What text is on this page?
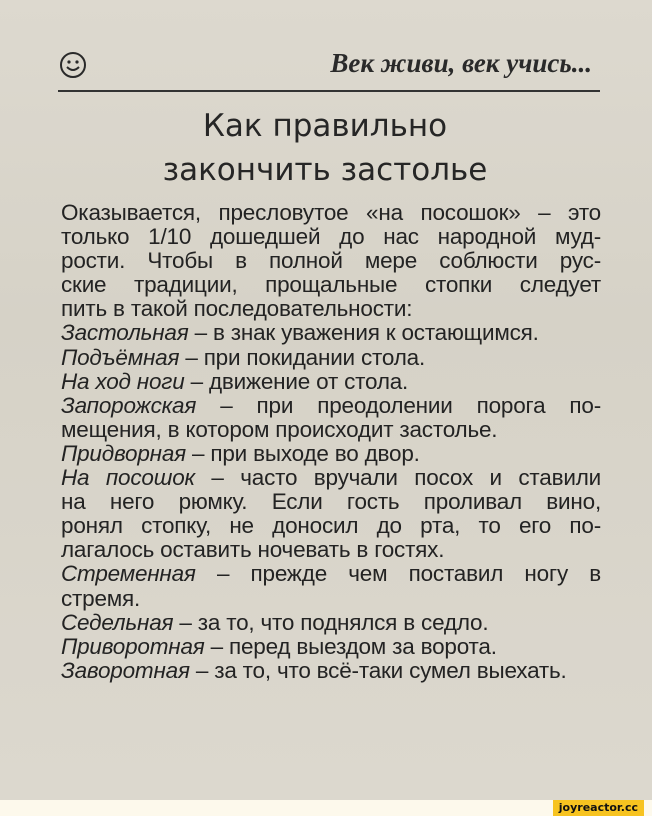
Век живи, век учись...
Как правильно
закончить застолье
Оказывается, пресловутое «на посошок» – это
только 1/10 дошедшей до нас народной муд-
рости. Чтобы в полной мере соблюсти рус-
ские традиции, прощальные стопки следует
пить в такой последовательности:
Застольная – в знак уважения к остающимся.
Подъёмная – при покидании стола.
На ход ноги – движение от стола.
Запорожская – при преодолении порога по-
мещения, в котором происходит застолье.
Придворная – при выходе во двор.
На посошок – часто вручали посох и ставили
на него рюмку. Если гость проливал вино,
ронял стопку, не доносил до рта, то его по-
лагалось оставить ночевать в гостях.
Стременная – прежде чем поставил ногу в
стремя.
Седельная – за то, что поднялся в седло.
Приворотная – перед выездом за ворота.
Заворотная – за то, что всё-таки сумел выехать.
joyreactor.cc
